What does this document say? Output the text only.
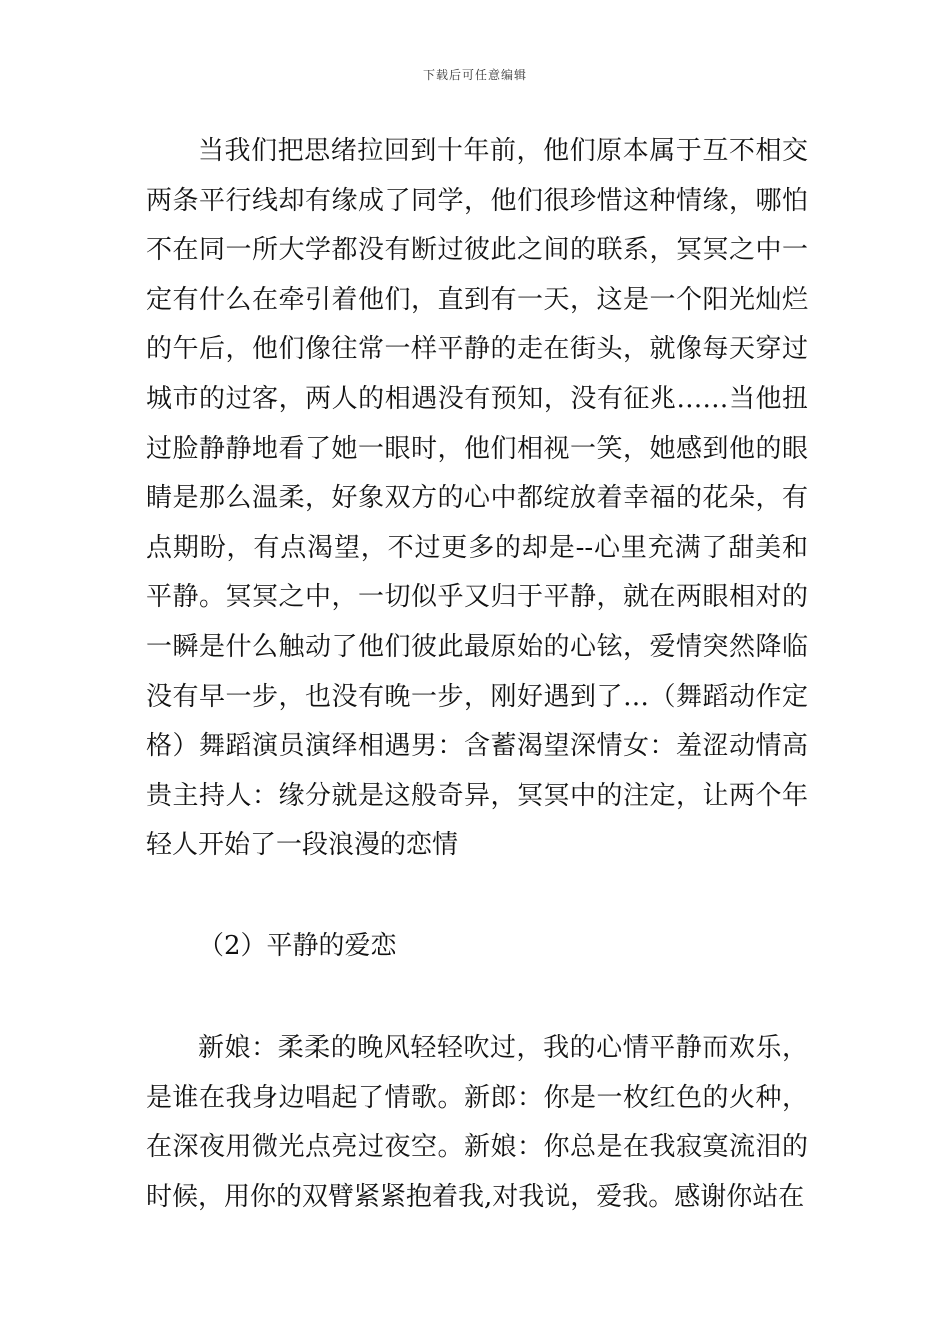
下载后可任意编辑

当我们把思绪拉回到十年前，他们原本属于互不相交两条平行线却有缘成了同学，他们很珍惜这种情缘，哪怕不在同一所大学都没有断过彼此之间的联系，冥冥之中一定有什么在牵引着他们，直到有一天，这是一个阳光灿烂的午后，他们像往常一样平静的走在街头，就像每天穿过城市的过客，两人的相遇没有预知，没有征兆……当他扭过脸静静地看了她一眼时，他们相视一笑，她感到他的眼睛是那么温柔，好象双方的心中都绽放着幸福的花朵，有点期盼，有点渴望，不过更多的却是--心里充满了甜美和平静。冥冥之中，一切似乎又归于平静，就在两眼相对的一瞬是什么触动了他们彼此最原始的心铉，爱情突然降临没有早一步，也没有晚一步，刚好遇到了…（舞蹈动作定格）舞蹈演员演绎相遇男：含蓄渴望深情女：羞涩动情高贵主持人：缘分就是这般奇异，冥冥中的注定，让两个年轻人开始了一段浪漫的恋情

（2）平静的爱恋

新娘：柔柔的晚风轻轻吹过，我的心情平静而欢乐，是谁在我身边唱起了情歌。新郎：你是一枚红色的火种，在深夜用微光点亮过夜空。新娘：你总是在我寂寞流泪的时候，用你的双臂紧紧抱着我,对我说，爱我。感谢你站在
